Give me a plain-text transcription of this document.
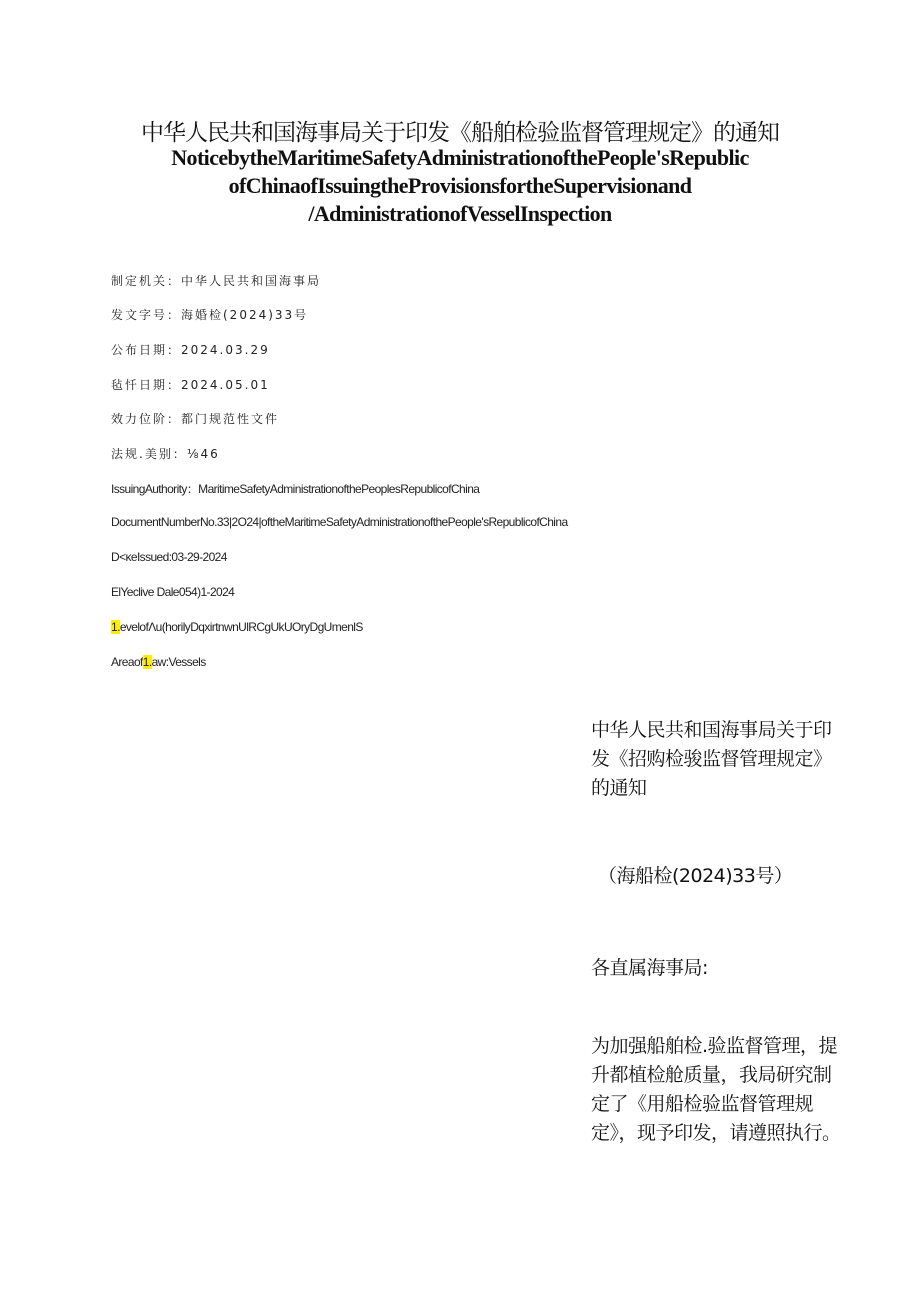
中华人民共和国海事局关于印发《船舶检验监督管理规定》的通知
NoticebytheMaritimeSafetyAdministrationofthePeople'sRepublic
ofChinaofIssuingtheProvisionsfortheSupervisionand
/AdministrationofVesselInspection
制定机关：中华人民共和国海事局
发文字号：海婚检(2024)33号
公布日期：2024.03.29
毡忏日期：2024.05.01
效力位阶：都门规范性文件
法规.美别：⅛46
IssuingAuthority：MaritimeSafetyAdministrationofthePeoplesRepublicofChina
DocumentNumberNo.33|2O24|oftheMaritimeSafetyAdministrationofthePeople'sRepublicofChina
D<κeIssued:03-29-2024
ElYeclive Dale054)1-2024
1.evelofΛu(horilyDqxirtnwnUlRCgUkUOryDgUmenlS
Areaof1.aw:Vessels
中华人民共和国海事局关于印发《招购检骏监督管理规定》的通知
（海船检(2024)33号）
各直属海事局:
为加强船舶检.验监督管理，提升都植检舱质量，我局研究制定了《用船检验监督管理规定》，现予印发，请遵照执行。
